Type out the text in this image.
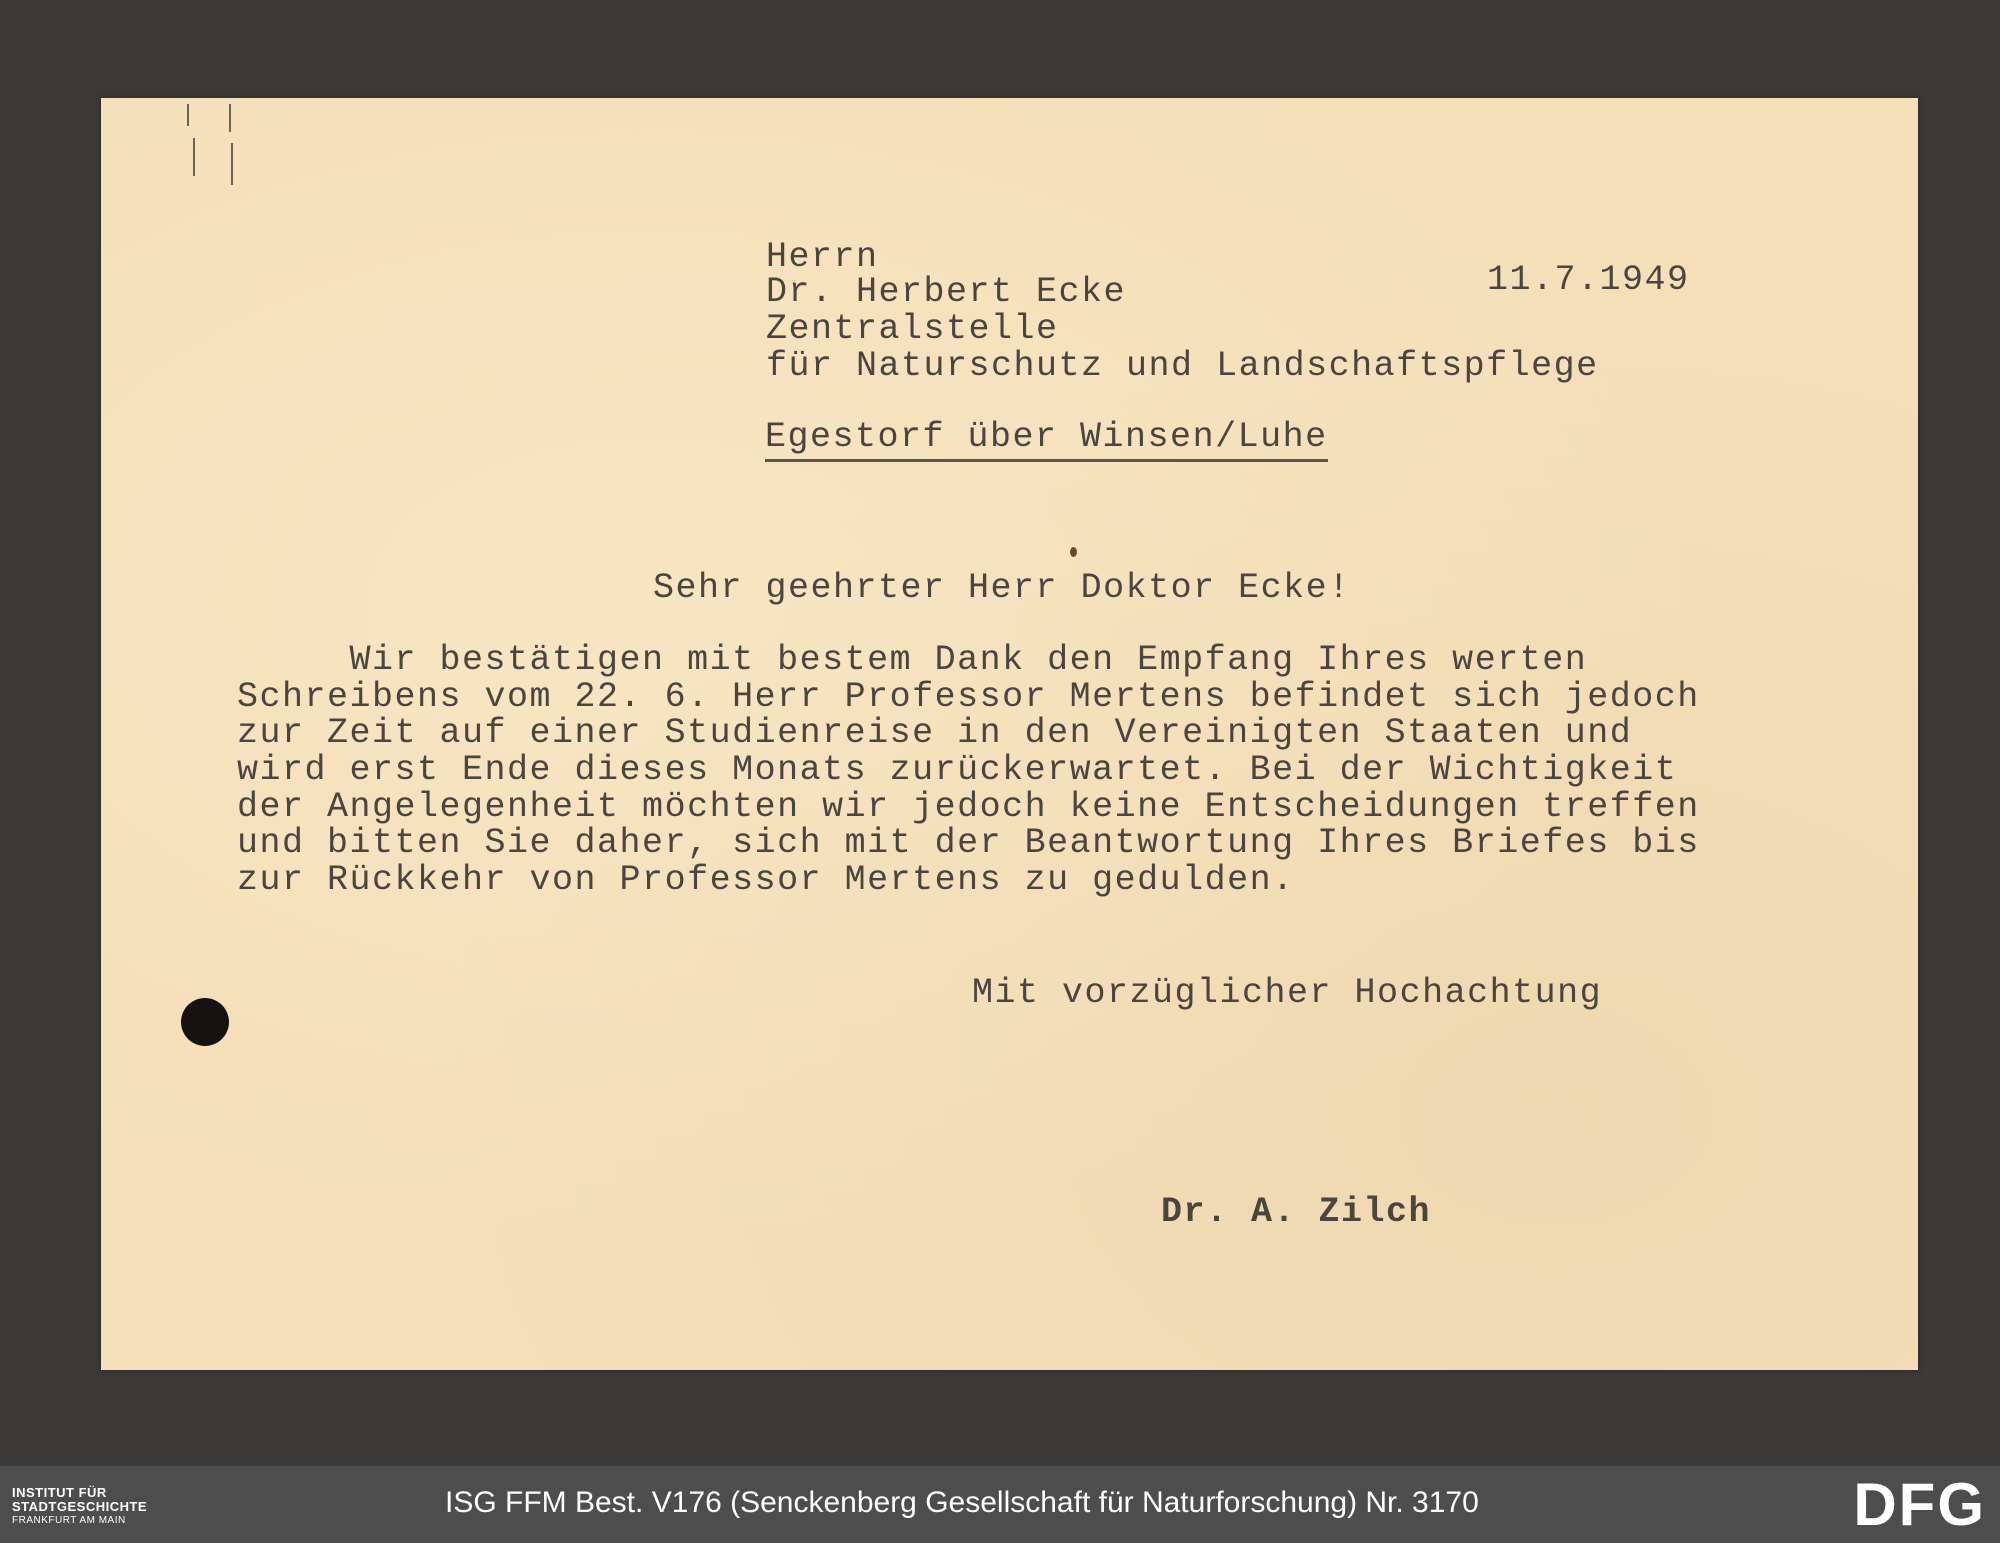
Herrn
Dr. Herbert Ecke	11.7.1949
Zentralstelle
für Naturschutz und Landschaftspflege
Egestorf über Winsen/Luhe
Sehr geehrter Herr Doktor Ecke!
Wir bestätigen mit bestem Dank den Empfang Ihres werten
Schreibens vom 22. 6. Herr Professor Mertens befindet sich jedoch
zur Zeit auf einer Studienreise in den Vereinigten Staaten und
wird erst Ende dieses Monats zurückerwartet. Bei der Wichtigkeit
der Angelegenheit möchten wir jedoch keine Entscheidungen treffen
und bitten Sie daher, sich mit der Beantwortung Ihres Briefes bis
zur Rückkehr von Professor Mertens zu gedulden.
Mit vorzüglicher Hochachtung
Dr. A. Zilch
INSTITUT FÜR
STADTGESCHICHTE
FRANKFURT AM MAIN
ISG FFM Best. V176 (Senckenberg Gesellschaft für Naturforschung) Nr. 3170	DFG
